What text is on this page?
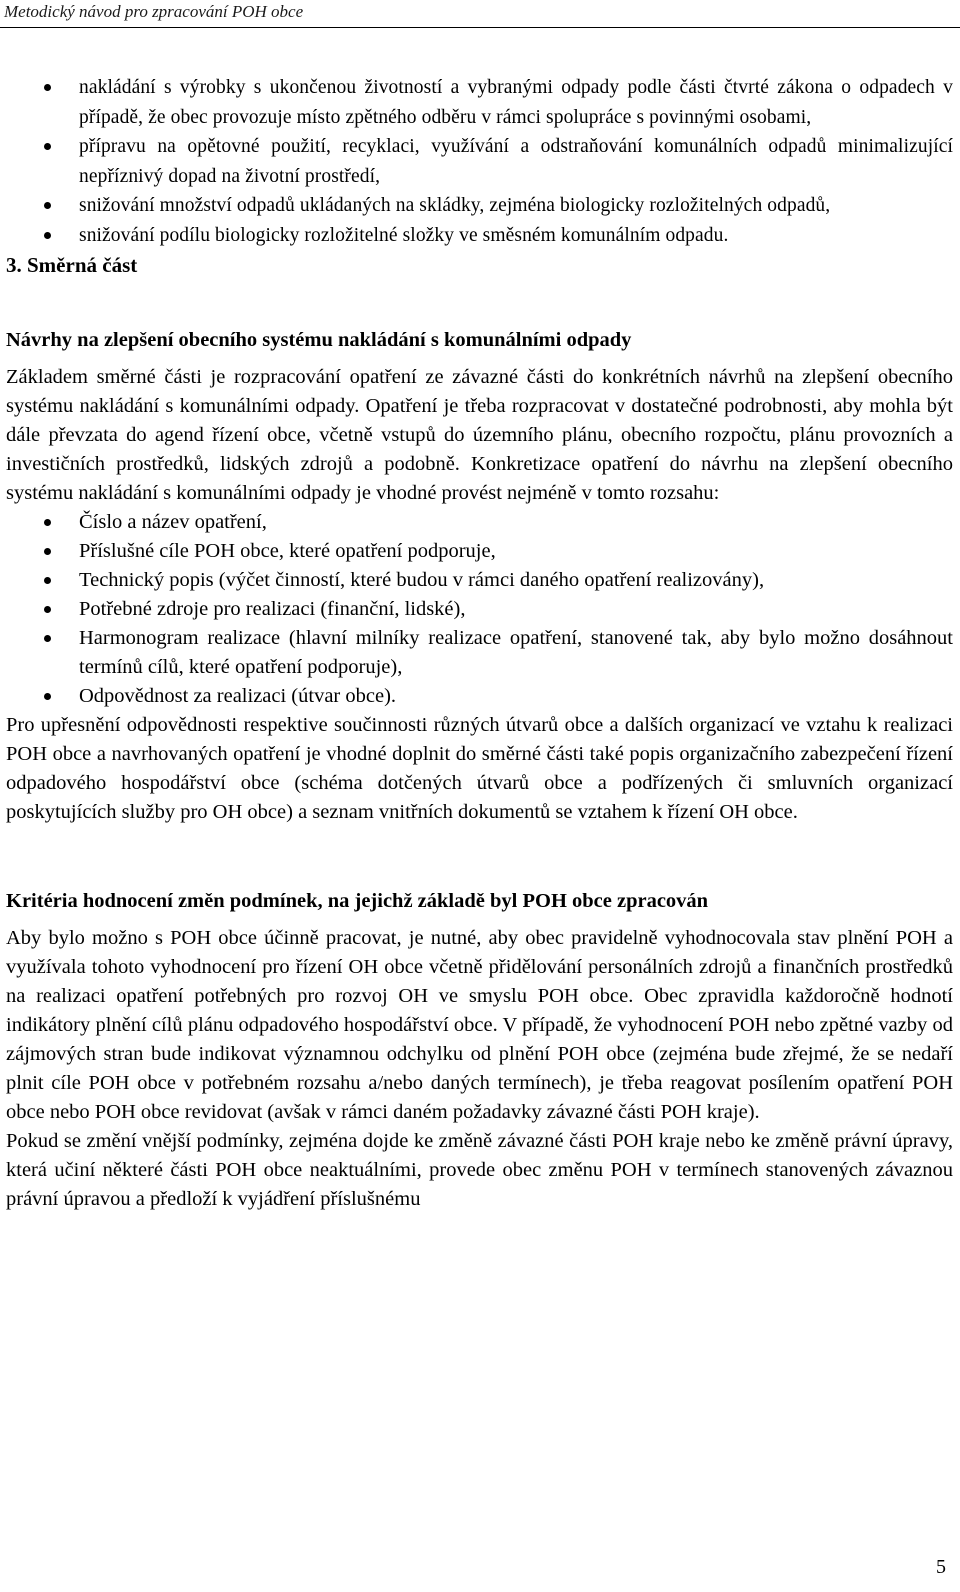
Metodický návod pro zpracování POH obce
nakládání s výrobky s ukončenou životností a vybranými odpady podle části čtvrté zákona o odpadech v případě, že obec provozuje místo zpětného odběru v rámci spolupráce s povinnými osobami,
přípravu na opětovné použití, recyklaci, využívání a odstraňování komunálních odpadů minimalizující nepříznivý dopad na životní prostředí,
snižování množství odpadů ukládaných na skládky, zejména biologicky rozložitelných odpadů,
snižování podílu biologicky rozložitelné složky ve směsném komunálním odpadu.
3. Směrná část
Návrhy na zlepšení obecního systému nakládání s komunálními odpady

Základem směrné části je rozpracování opatření ze závazné části do konkrétních návrhů na zlepšení obecního systému nakládání s komunálními odpady. Opatření je třeba rozpracovat v dostatečné podrobnosti, aby mohla být dále převzata do agend řízení obce, včetně vstupů do územního plánu, obecního rozpočtu, plánu provozních a investičních prostředků, lidských zdrojů a podobně. Konkretizace opatření do návrhu na zlepšení obecního systému nakládání s komunálními odpady je vhodné provést nejméně v tomto rozsahu:

Číslo a název opatření,
Příslušné cíle POH obce, které opatření podporuje,
Technický popis (výčet činností, které budou v rámci daného opatření realizovány),
Potřebné zdroje pro realizaci (finanční, lidské),
Harmonogram realizace (hlavní milníky realizace opatření, stanovené tak, aby bylo možno dosáhnout termínů cílů, které opatření podporuje),
Odpovědnost za realizaci (útvar obce).

Pro upřesnění odpovědnosti respektive součinnosti různých útvarů obce a dalších organizací ve vztahu k realizaci POH obce a navrhovaných opatření je vhodné doplnit do směrné části také popis organizačního zabezpečení řízení odpadového hospodářství obce (schéma dotčených útvarů obce a podřízených či smluvních organizací poskytujících služby pro OH obce) a seznam vnitřních dokumentů se vztahem k řízení OH obce.

Kritéria hodnocení změn podmínek, na jejichž základě byl POH obce zpracován

Aby bylo možno s POH obce účinně pracovat, je nutné, aby obec pravidelně vyhodnocovala stav plnění POH a využívala tohoto vyhodnocení pro řízení OH obce včetně přidělování personálních zdrojů a finančních prostředků na realizaci opatření potřebných pro rozvoj OH ve smyslu POH obce. Obec zpravidla každoročně hodnotí indikátory plnění cílů plánu odpadového hospodářství obce. V případě, že vyhodnocení POH nebo zpětné vazby od zájmových stran bude indikovat významnou odchylku od plnění POH obce (zejména bude zřejmé, že se nedaří plnit cíle POH obce v potřebném rozsahu a/nebo daných termínech), je třeba reagovat posílením opatření POH obce nebo POH obce revidovat (avšak v rámci daném požadavky závazné části POH kraje).

Pokud se změní vnější podmínky, zejména dojde ke změně závazné části POH kraje nebo ke změně právní úpravy, která učiní některé části POH obce neaktuálními, provede obec změnu POH v termínech stanovených závaznou právní úpravou a předloží k vyjádření příslušnému

5
